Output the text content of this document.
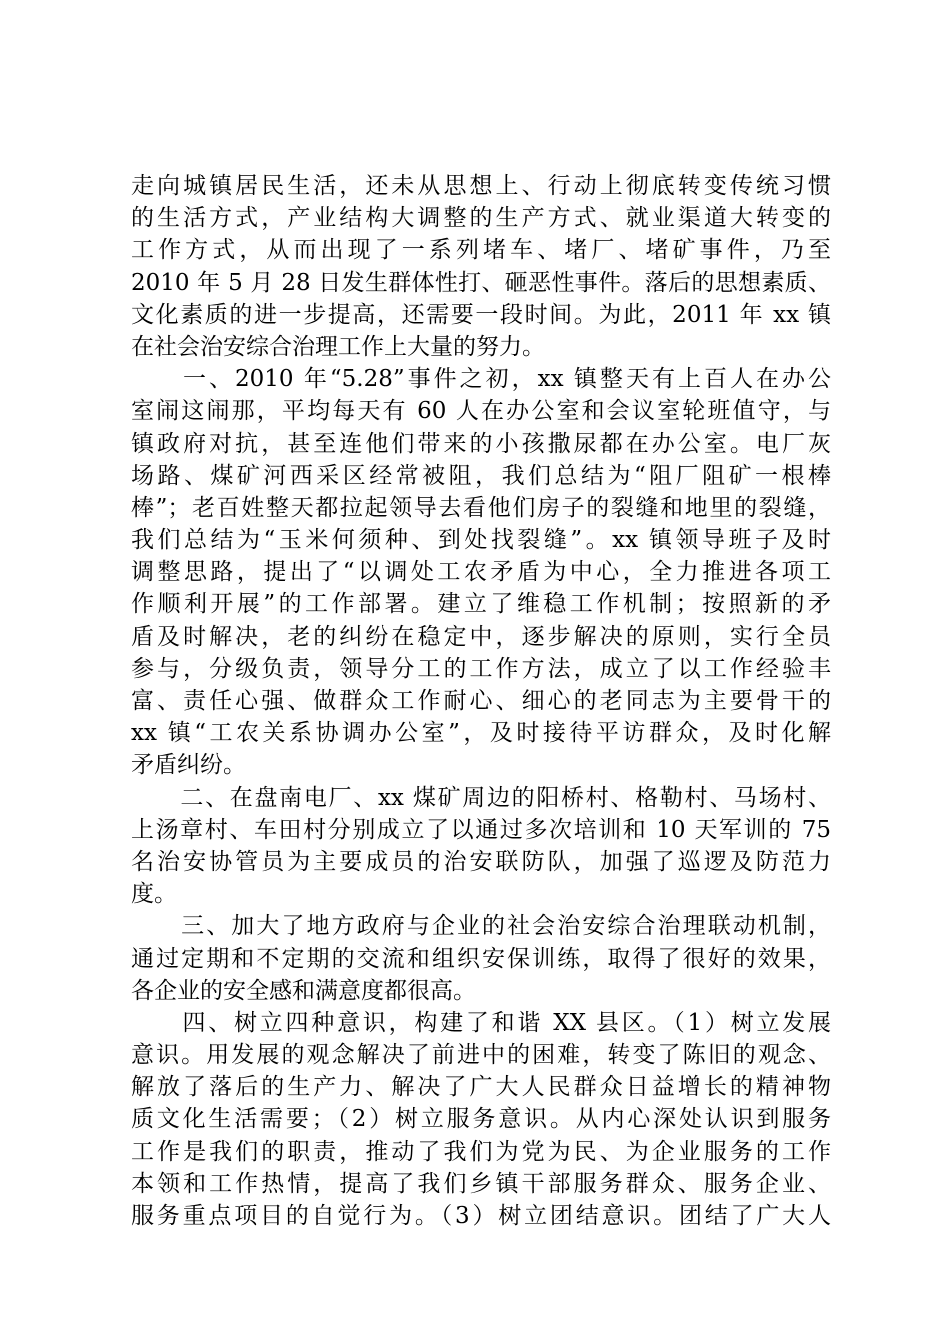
走向城镇居民生活，还未从思想上、行动上彻底转变传统习惯
的生活方式，产业结构大调整的生产方式、就业渠道大转变的
工作方式，从而出现了一系列堵车、堵厂、堵矿事件，乃至
2010 年 5 月 28 日发生群体性打、砸恶性事件。落后的思想素质、
文化素质的进一步提高，还需要一段时间。为此，2011 年 xx 镇
在社会治安综合治理工作上大量的努力。
　　一、2010 年“5.28”事件之初，xx 镇整天有上百人在办公
室闹这闹那，平均每天有 60 人在办公室和会议室轮班值守，与
镇政府对抗，甚至连他们带来的小孩撒尿都在办公室。电厂灰
场路、煤矿河西采区经常被阻，我们总结为“阻厂阻矿一根棒
棒”；老百姓整天都拉起领导去看他们房子的裂缝和地里的裂缝，
我们总结为“玉米何须种、到处找裂缝”。xx 镇领导班子及时
调整思路，提出了“以调处工农矛盾为中心，全力推进各项工
作顺利开展”的工作部署。建立了维稳工作机制；按照新的矛
盾及时解决，老的纠纷在稳定中，逐步解决的原则，实行全员
参与，分级负责，领导分工的工作方法，成立了以工作经验丰
富、责任心强、做群众工作耐心、细心的老同志为主要骨干的
xx 镇“工农关系协调办公室”，及时接待平访群众，及时化解
矛盾纠纷。
　　二、在盘南电厂、xx 煤矿周边的阳桥村、格勒村、马场村、
上汤章村、车田村分别成立了以通过多次培训和 10 天军训的 75
名治安协管员为主要成员的治安联防队，加强了巡逻及防范力
度。
　　三、加大了地方政府与企业的社会治安综合治理联动机制，
通过定期和不定期的交流和组织安保训练，取得了很好的效果，
各企业的安全感和满意度都很高。
　　四、树立四种意识，构建了和谐 XX 县区。（1）树立发展
意识。用发展的观念解决了前进中的困难，转变了陈旧的观念、
解放了落后的生产力、解决了广大人民群众日益增长的精神物
质文化生活需要；（2）树立服务意识。从内心深处认识到服务
工作是我们的职责，推动了我们为党为民、为企业服务的工作
本领和工作热情，提高了我们乡镇干部服务群众、服务企业、
服务重点项目的自觉行为。（3）树立团结意识。团结了广大人
